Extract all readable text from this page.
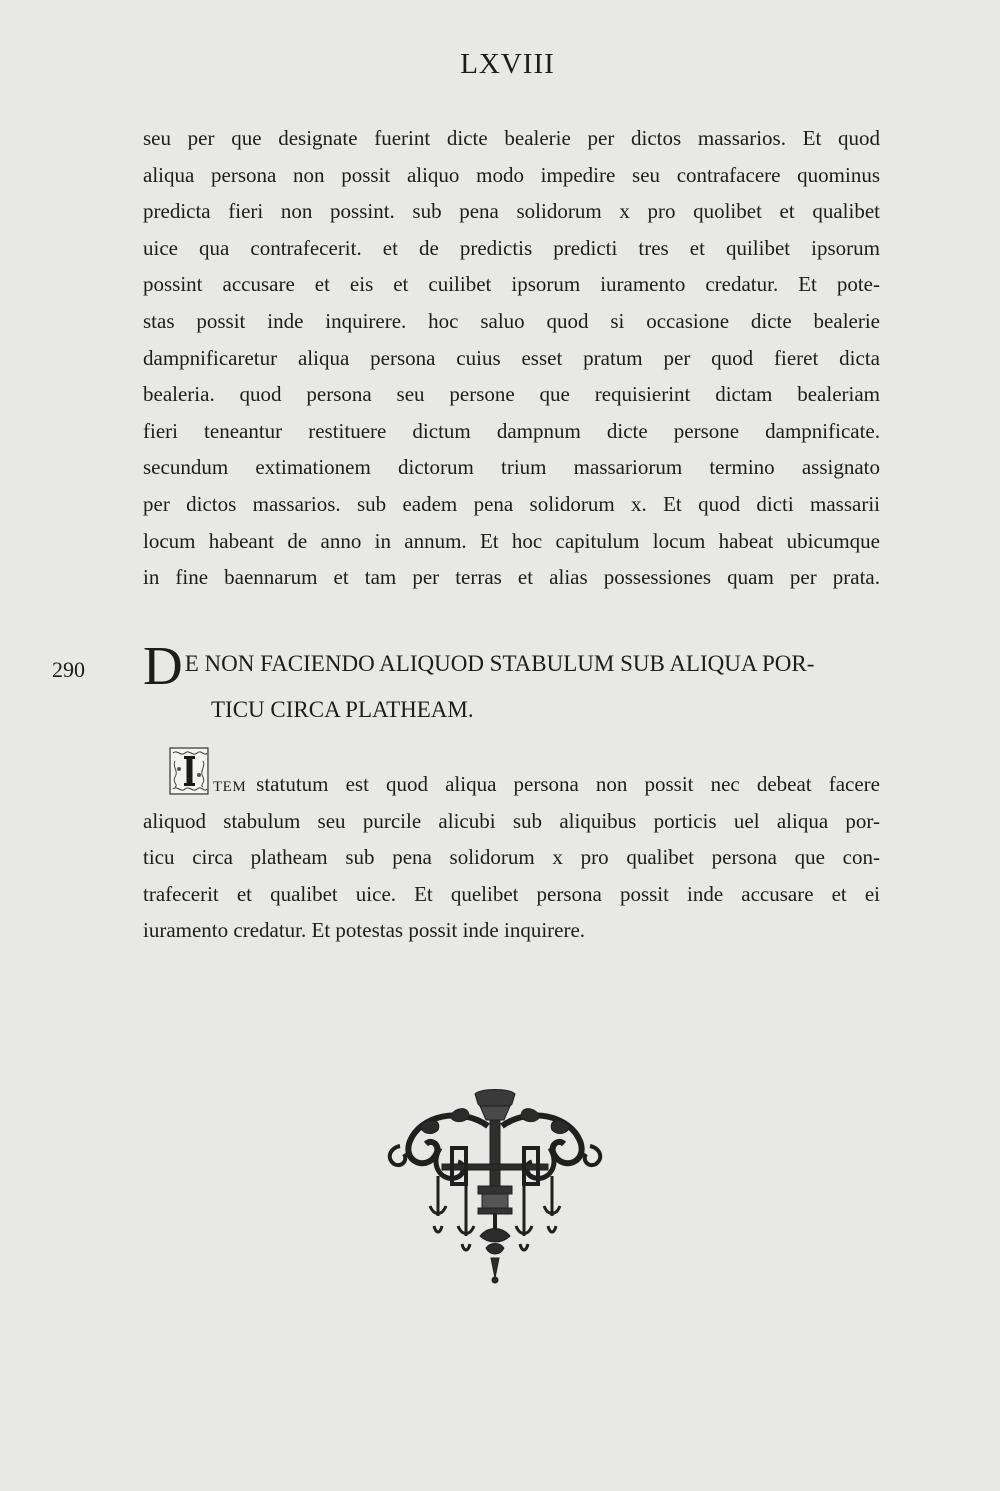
LXVIII
seu per que designate fuerint dicte bealerie per dictos massarios. Et quod
aliqua persona non possit aliquo modo impedire seu contrafacere quominus
predicta fieri non possint. sub pena solidorum x pro quolibet et qualibet
uice qua contrafecerit. et de predictis predicti tres et quilibet ipsorum
possint accusare et eis et cuilibet ipsorum iuramento credatur. Et pote-
stas possit inde inquirere. hoc saluo quod si occasione dicte bealerie
dampnificaretur aliqua persona cuius esset pratum per quod fieret dicta
bealeria. quod persona seu persone que requisierint dictam bealeriam
fieri teneantur restituere dictum dampnum dicte persone dampnificate.
secundum extimationem dictorum trium massariorum termino assignato
per dictos massarios. sub eadem pena solidorum x. Et quod dicti massarii
locum habeant de anno in annum. Et hoc capitulum locum habeat ubicumque
in fine baennarum et tam per terras et alias possessiones quam per prata.

290 DE NON FACIENDO ALIQUOD STABULUM SUB ALIQUA POR-
TICU CIRCA PLATHEAM.
TEM statutum est quod aliqua persona non possit nec debeat facere
aliquod stabulum seu purcile alicubi sub aliquibus porticis uel aliqua por-
ticu circa platheam sub pena solidorum x pro qualibet persona que con-
trafecerit et qualibet uice. Et quelibet persona possit inde accusare et ei
iuramento credatur. Et potestas possit inde inquirere.
